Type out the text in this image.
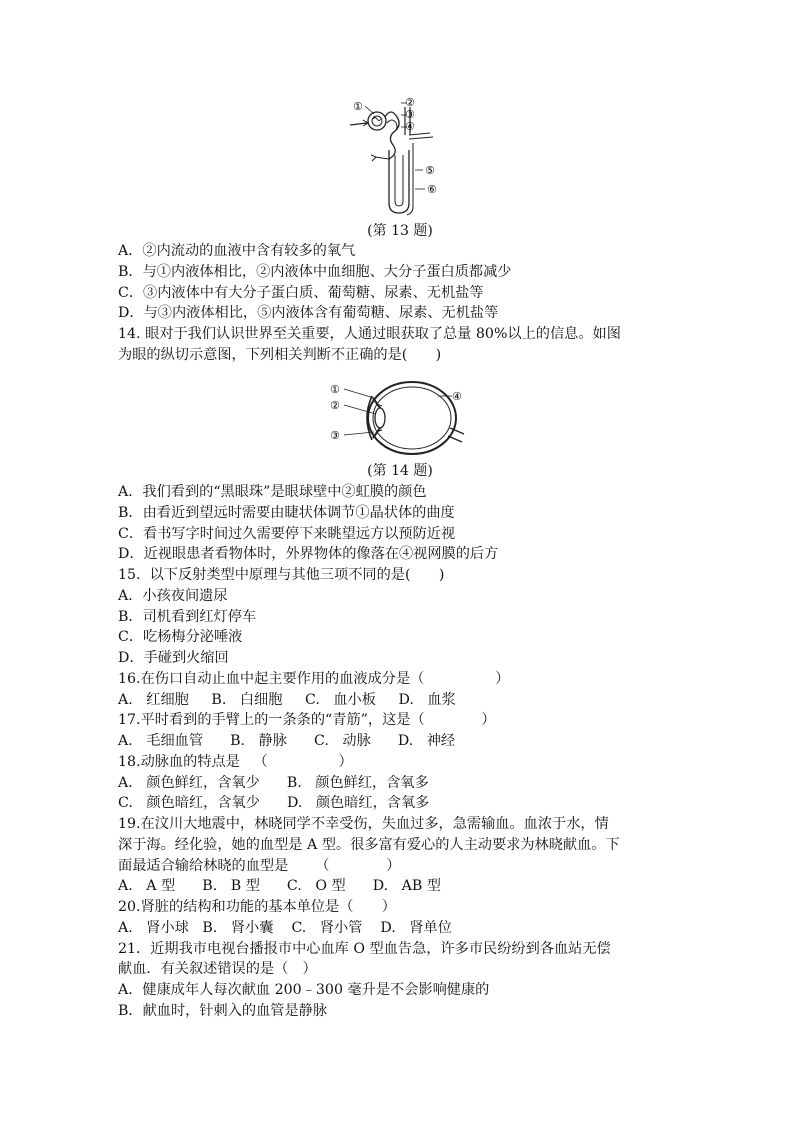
①	②
③
④
⑤
⑥
(第 13 题)
A．②内流动的血液中含有较多的氧气
B．与①内液体相比，②内液体中血细胞、大分子蛋白质都减少
C．③内液体中有大分子蛋白质、葡萄糖、尿素、无机盐等
D．与③内液体相比，⑤内液体含有葡萄糖、尿素、无机盐等
14. 眼对于我们认识世界至关重要，人通过眼获取了总量 80%以上的信息。如图
为眼的纵切示意图，下列相关判断不正确的是(　　)
①
②
③
④
(第 14 题)
A．我们看到的“黑眼珠”是眼球壁中②虹膜的颜色
B．由看近到望远时需要由睫状体调节①晶状体的曲度
C．看书写字时间过久需要停下来眺望远方以预防近视
D．近视眼患者看物体时，外界物体的像落在④视网膜的后方
15.  以下反射类型中原理与其他三项不同的是(　　)
A．小孩夜间遗尿
B．司机看到红灯停车
C．吃杨梅分泌唾液
D．手碰到火缩回
16.在伤口自动止血中起主要作用的血液成分是（　　　　　）
A.   红细胞     B.   白细胞     C.   血小板     D.   血浆
17.平时看到的手臂上的一条条的“青筋”，这是（　　　　）
A.   毛细血管      B.   静脉      C.   动脉      D.   神经
18.动脉血的特点是   （　　　　　）
A.   颜色鲜红，含氧少      B.   颜色鲜红，含氧多
C.   颜色暗红，含氧少      D.   颜色暗红，含氧多
19.在汶川大地震中，林晓同学不幸受伤，失血过多，急需输血。血浓于水，情
深于海。经化验，她的血型是 A 型。很多富有爱心的人主动要求为林晓献血。下
面最适合输给林晓的血型是      （　　　　）
A.   A 型      B.   B 型      C.   O 型      D.   AB 型
20.肾脏的结构和功能的基本单位是（　　）
A.   肾小球   B.   肾小囊    C.   肾小管    D.   肾单位
21．近期我市电视台播报市中心血库 O 型血告急，许多市民纷纷到各血站无偿
献血．有关叙述错误的是（　）
A．健康成年人每次献血 200﹣300 毫升是不会影响健康的
B．献血时，针刺入的血管是静脉
